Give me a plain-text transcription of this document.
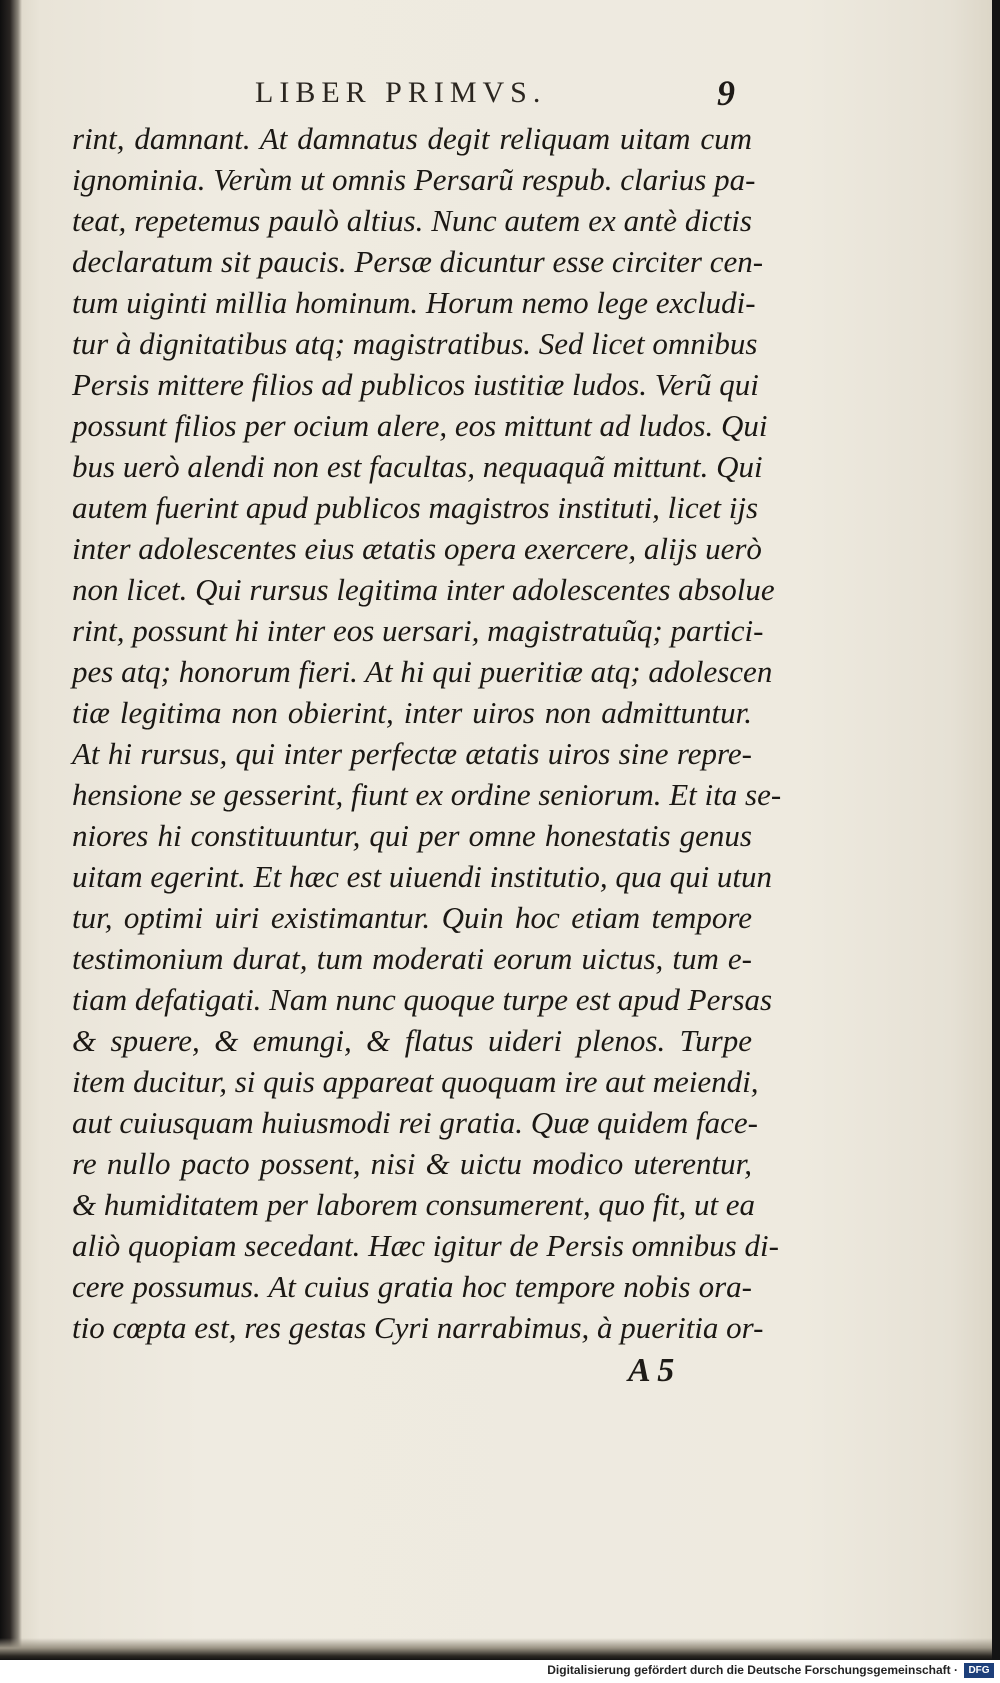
LIBER PRIMVS.	9
rint, damnant. At damnatus degit reliquam uitam cum
ignominia. Verùm ut omnis Persarũ respub. clarius pa-
teat, repetemus paulò altius. Nunc autem ex antè dictis
declaratum sit paucis. Persæ dicuntur esse circiter cen-
tum uiginti millia hominum. Horum nemo lege excludi-
tur à dignitatibus atq; magistratibus. Sed licet omnibus
Persis mittere filios ad publicos iustitiæ ludos. Verũ qui
possunt filios per ocium alere, eos mittunt ad ludos. Qui
bus uerò alendi non est facultas, nequaquã mittunt. Qui
autem fuerint apud publicos magistros instituti, licet ijs
inter adolescentes eius ætatis opera exercere, alijs uerò
non licet. Qui rursus legitima inter adolescentes absolue
rint, possunt hi inter eos uersari, magistratuũq; partici-
pes atq; honorum fieri. At hi qui pueritiæ atq; adolescen
tiæ legitima non obierint, inter uiros non admittuntur.
At hi rursus, qui inter perfectæ ætatis uiros sine repre-
hensione se gesserint, fiunt ex ordine seniorum. Et ita se-
niores hi constituuntur, qui per omne honestatis genus
uitam egerint. Et hæc est uiuendi institutio, qua qui utun
tur, optimi uiri existimantur. Quin hoc etiam tempore
testimonium durat, tum moderati eorum uictus, tum e-
tiam defatigati. Nam nunc quoque turpe est apud Persas
& spuere, & emungi, & flatus uideri plenos. Turpe
item ducitur, si quis appareat quoquam ire aut meiendi,
aut cuiusquam huiusmodi rei gratia. Quæ quidem face-
re nullo pacto possent, nisi & uictu modico uterentur,
& humiditatem per laborem consumerent, quo fit, ut ea
aliò quopiam secedant. Hæc igitur de Persis omnibus di-
cere possumus. At cuius gratia hoc tempore nobis ora-
tio cœpta est, res gestas Cyri narrabimus, à pueritia or-
A 5
Digitalisierung gefördert durch die Deutsche Forschungsgemeinschaft ·	DFG
